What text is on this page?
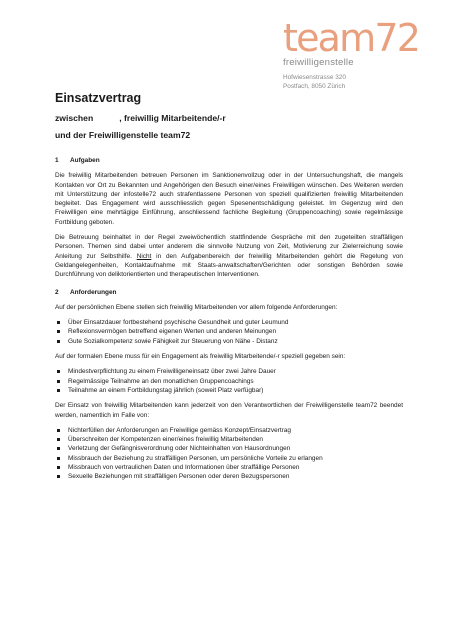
team72
freiwilligenstelle
Hofwiesenstrasse 320
Postfach, 8050 Zürich
Einsatzvertrag
zwischen	, freiwillig Mitarbeitende/-r
und der Freiwilligenstelle team72
1 Aufgaben
Die freiwillig Mitarbeitenden betreuen Personen im Sanktionenvollzug oder in der Untersuchungshaft, die mangels Kontakten vor Ort zu Bekannten und Angehörigen den Besuch einer/eines Freiwilligen wünschen. Des Weiteren werden mit Unterstützung der infostelle72 auch strafentlassene Personen von speziell qualifizierten freiwillig Mitarbeitenden begleitet. Das Engagement wird ausschliesslich gegen Spesenentschädigung geleistet. Im Gegenzug wird den Freiwilligen eine mehrtägige Einführung, anschliessend fachliche Begleitung (Gruppencoaching) sowie regelmässige Fortbildung geboten.
Die Betreuung beinhaltet in der Regel zweiwöchentlich stattfindende Gespräche mit den zugeteilten straffälligen Personen. Themen sind dabei unter anderem die sinnvolle Nutzung von Zeit, Motivierung zur Zielerreichung sowie Anleitung zur Selbsthilfe. Nicht in den Aufgabenbereich der freiwillig Mitarbeitenden gehört die Regelung von Geldangelegenheiten, Kontaktaufnahme mit Staats-anwaltschaften/Gerichten oder sonstigen Behörden sowie Durchführung von deliktorientierten und therapeutischen Interventionen.
2 Anforderungen
Auf der persönlichen Ebene stellen sich freiwillig Mitarbeitenden vor allem folgende Anforderungen:
Über Einsatzdauer fortbestehend psychische Gesundheit und guter Leumund
Reflexionsvermögen betreffend eigenen Werten und anderen Meinungen
Gute Sozialkompetenz sowie Fähigkeit zur Steuerung von Nähe - Distanz
Auf der formalen Ebene muss für ein Engagement als freiwillig Mitarbeitende/-r speziell gegeben sein:
Mindestverpflichtung zu einem Freiwilligeneinsatz über zwei Jahre Dauer
Regelmässige Teilnahme an den monatlichen Gruppencoachings
Teilnahme an einem Fortbildungstag jährlich (soweit Platz verfügbar)
Der Einsatz von freiwillig Mitarbeitenden kann jederzeit von den Verantwortlichen der Freiwilligenstelle team72 beendet werden, namentlich im Falle von:
Nichterfüllen der Anforderungen an Freiwillige gemäss Konzept/Einsatzvertrag
Überschreiten der Kompetenzen einer/eines freiwillig Mitarbeitenden
Verletzung der Gefängnisverordnung oder Nichteinhalten von Hausordnungen
Missbrauch der Beziehung zu straffälligen Personen, um persönliche Vorteile zu erlangen
Missbrauch von vertraulichen Daten und Informationen über straffällige Personen
Sexuelle Beziehungen mit straffälligen Personen oder deren Bezugspersonen
